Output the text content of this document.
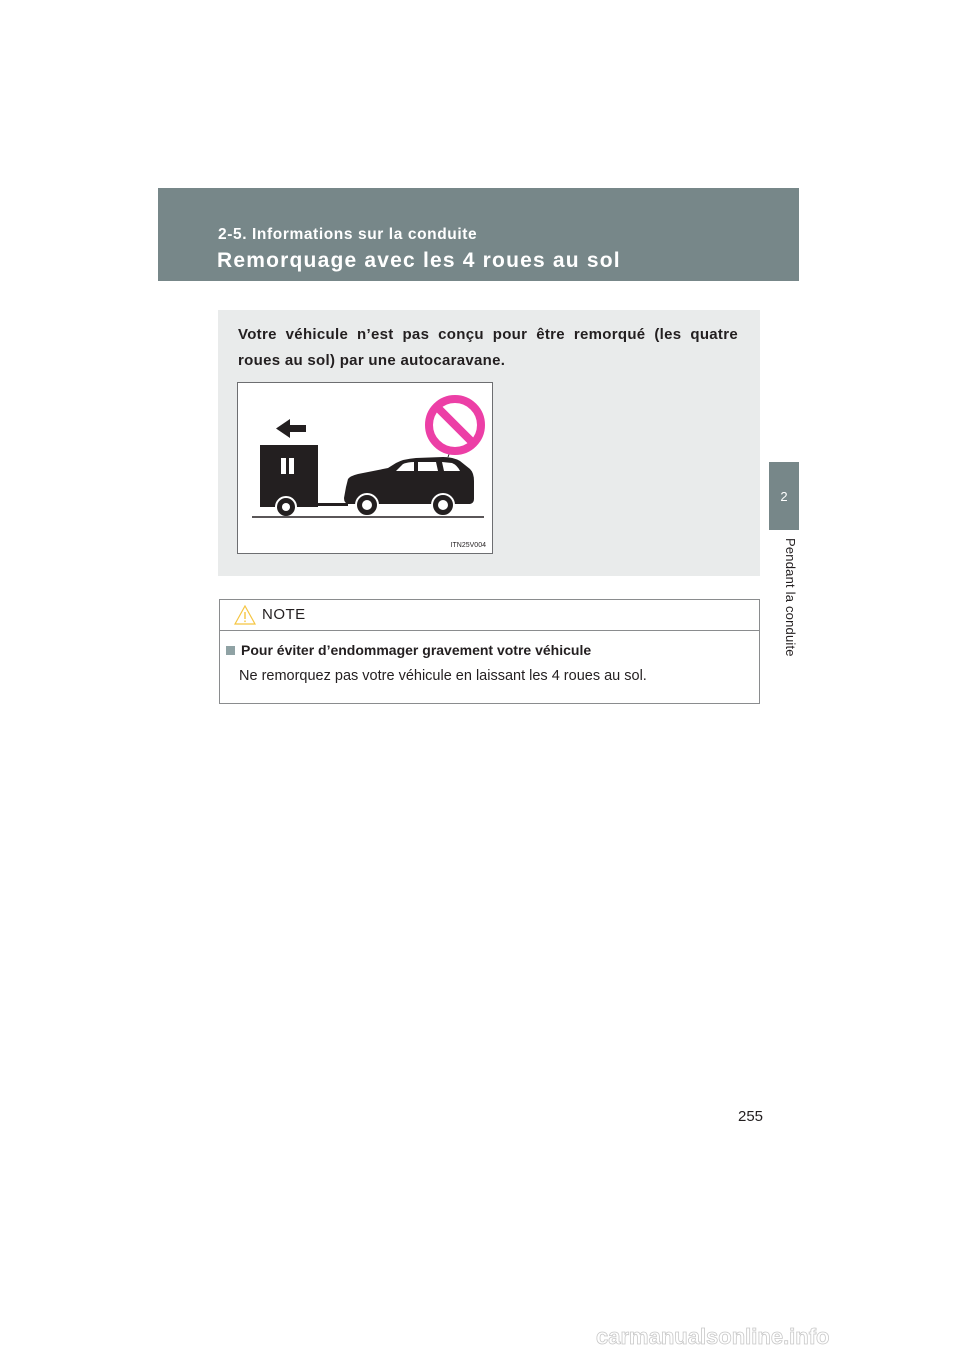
2-5. Informations sur la conduite
Remorquage avec les 4 roues au sol
2
Pendant la conduite
Votre véhicule n’est pas conçu pour être remorqué (les quatre roues au sol) par une autocaravane.
ITN25V004
NOTE
Pour éviter d’endommager gravement votre véhicule
Ne remorquez pas votre véhicule en laissant les 4 roues au sol.
255
carmanualsonline.info
